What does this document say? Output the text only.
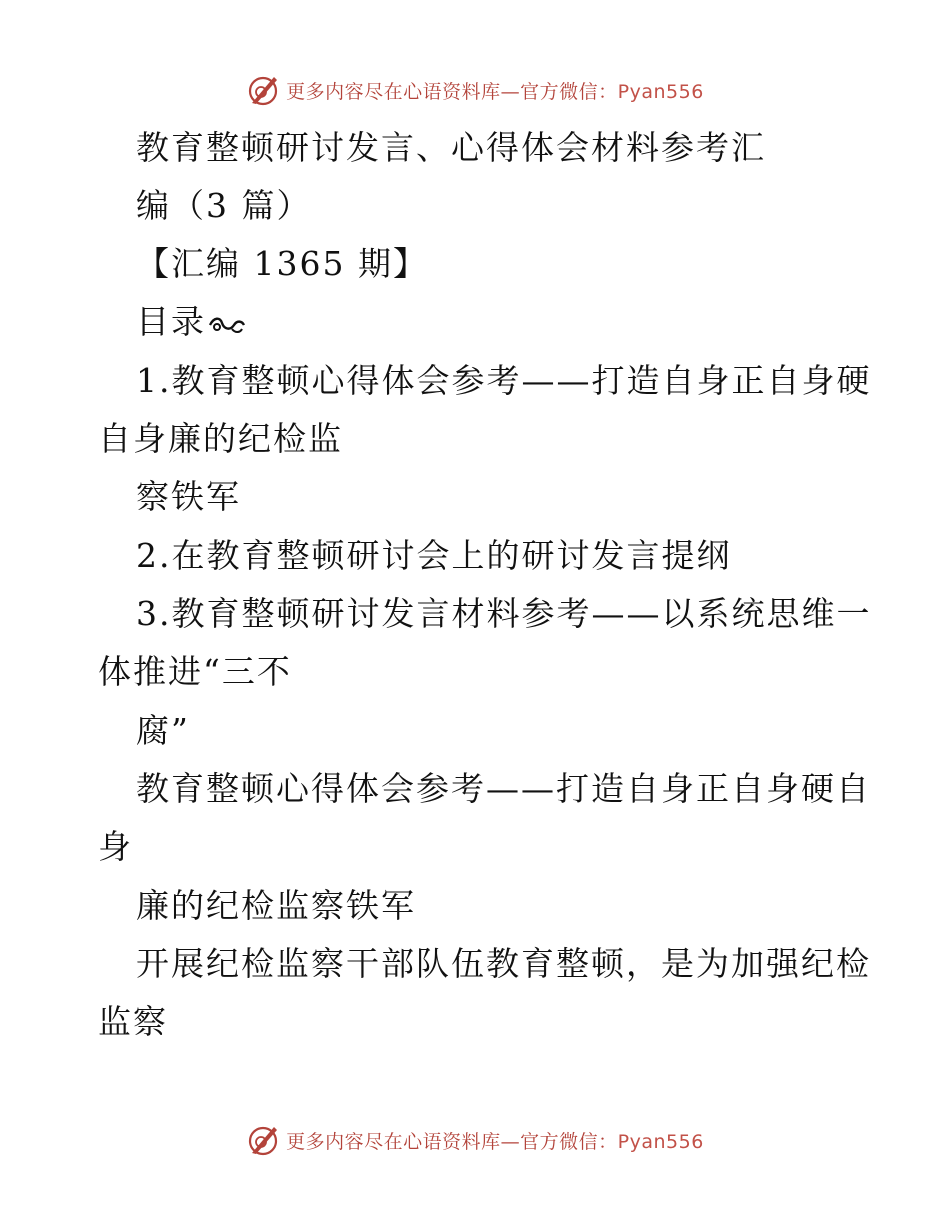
更多内容尽在心语资料库—官方微信：Pyan556
教育整顿研讨发言、心得体会材料参考汇
编（3 篇）
【汇编 1365 期】
目录
1.教育整顿心得体会参考——打造自身正自身硬
自身廉的纪检监
察铁军
2.在教育整顿研讨会上的研讨发言提纲
3.教育整顿研讨发言材料参考——以系统思维一
体推进“三不
腐”
教育整顿心得体会参考——打造自身正自身硬自
身
廉的纪检监察铁军
开展纪检监察干部队伍教育整顿，是为加强纪检
监察
更多内容尽在心语资料库—官方微信：Pyan556
